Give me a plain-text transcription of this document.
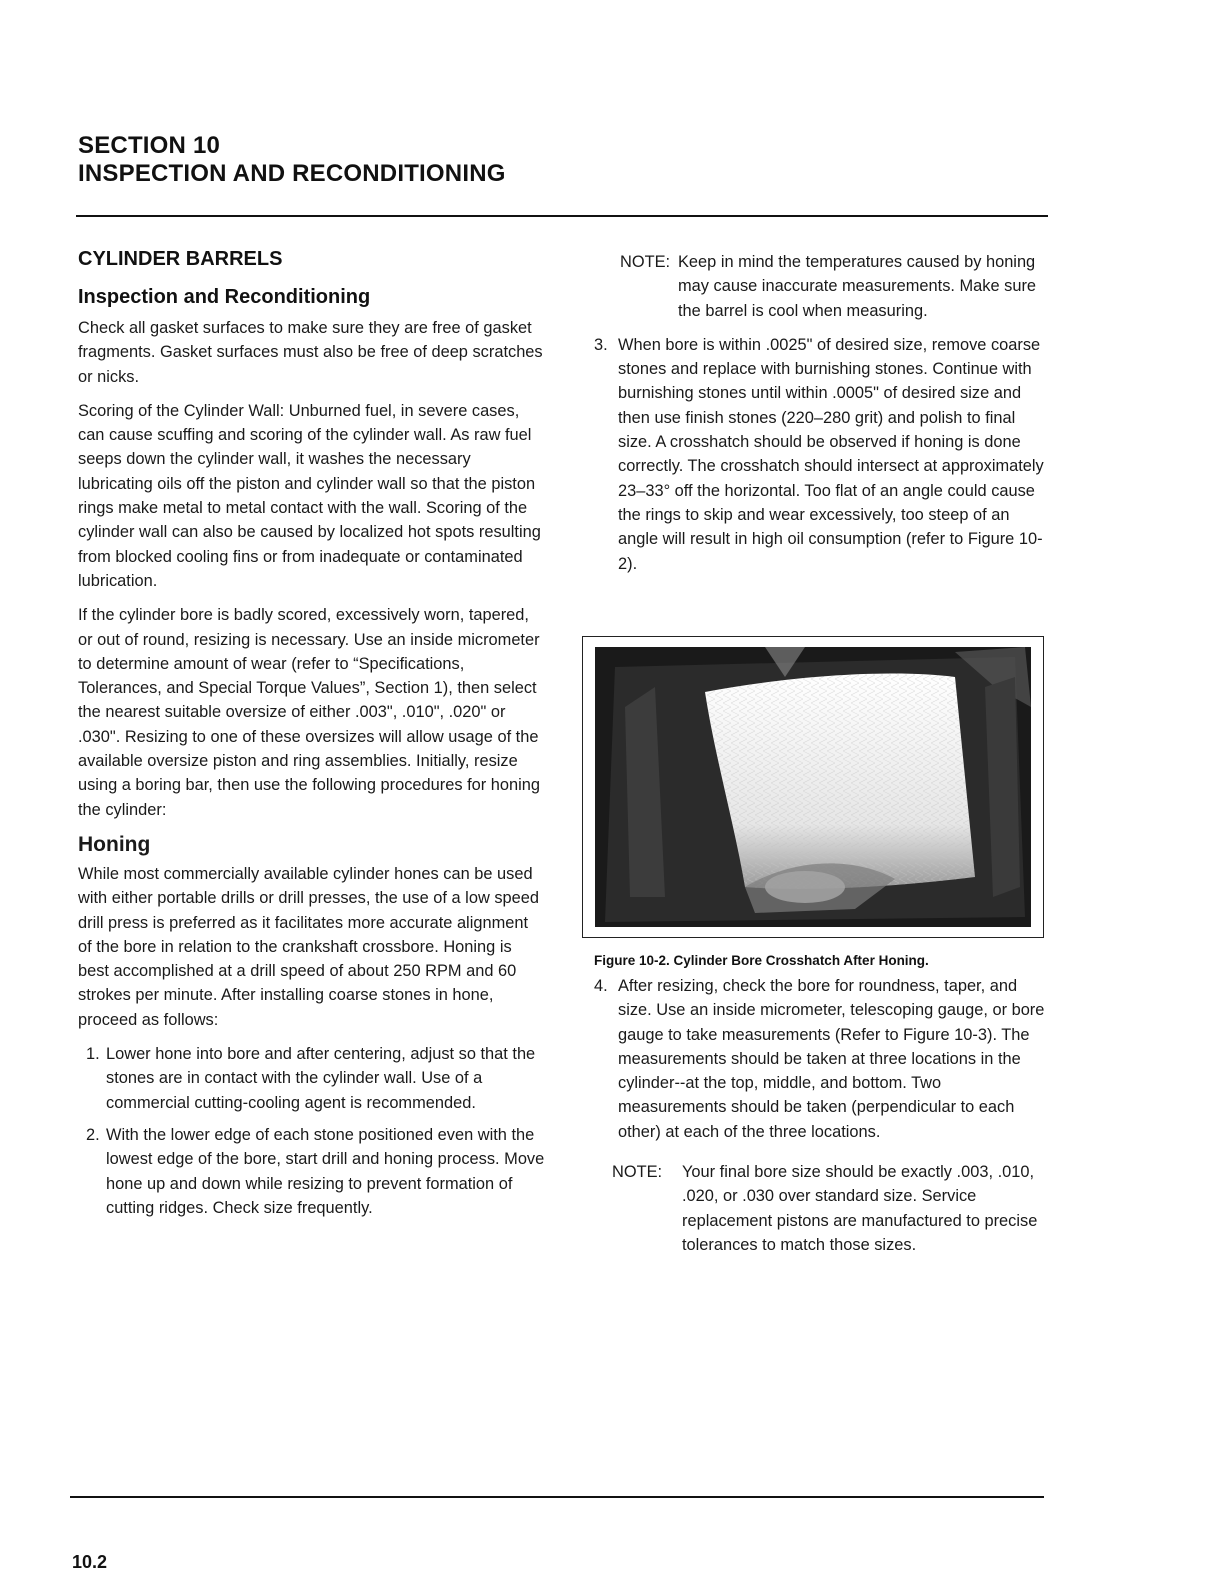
SECTION 10
INSPECTION AND RECONDITIONING
CYLINDER BARRELS
Inspection and Reconditioning

Check all gasket surfaces to make sure they are free of gasket fragments. Gasket surfaces must also be free of deep scratches or nicks.

Scoring of the Cylinder Wall: Unburned fuel, in severe cases, can cause scuffing and scoring of the cylinder wall. As raw fuel seeps down the cylinder wall, it washes the necessary lubricating oils off the piston and cylinder wall so that the piston rings make metal to metal contact with the wall. Scoring of the cylinder wall can also be caused by localized hot spots resulting from blocked cooling fins or from inadequate or contaminated lubrication.

If the cylinder bore is badly scored, excessively worn, tapered, or out of round, resizing is necessary. Use an inside micrometer to determine amount of wear (refer to “Specifications, Tolerances, and Special Torque Values”, Section 1), then select the nearest suitable oversize of either .003", .010", .020" or .030". Resizing to one of these oversizes will allow usage of the available oversize piston and ring assemblies. Initially, resize using a boring bar, then use the following procedures for honing the cylinder:

Honing

While most commercially available cylinder hones can be used with either portable drills or drill presses, the use of a low speed drill press is preferred as it facilitates more accurate alignment of the bore in relation to the crankshaft crossbore. Honing is best accomplished at a drill speed of about 250 RPM and 60 strokes per minute. After installing coarse stones in hone, proceed as follows:

1. Lower hone into bore and after centering, adjust so that the stones are in contact with the cylinder wall. Use of a commercial cutting-cooling agent is recommended.
2. With the lower edge of each stone positioned even with the lowest edge of the bore, start drill and honing process. Move hone up and down while resizing to prevent formation of cutting ridges. Check size frequently.
NOTE: Keep in mind the temperatures caused by honing may cause inaccurate measurements. Make sure the barrel is cool when measuring.
3. When bore is within .0025" of desired size, remove coarse stones and replace with burnishing stones. Continue with burnishing stones until within .0005" of desired size and then use finish stones (220–280 grit) and polish to final size. A crosshatch should be observed if honing is done correctly. The crosshatch should intersect at approximately 23–33° off the horizontal. Too flat of an angle could cause the rings to skip and wear excessively, too steep of an angle will result in high oil consumption (refer to Figure 10-2).
Figure 10-2. Cylinder Bore Crosshatch After Honing.
4. After resizing, check the bore for roundness, taper, and size. Use an inside micrometer, telescoping gauge, or bore gauge to take measurements (Refer to Figure 10-3). The measurements should be taken at three locations in the cylinder--at the top, middle, and bottom. Two measurements should be taken (perpendicular to each other) at each of the three locations.
NOTE: Your final bore size should be exactly .003, .010, .020, or .030 over standard size. Service replacement pistons are manufactured to precise tolerances to match those sizes.
10.2
